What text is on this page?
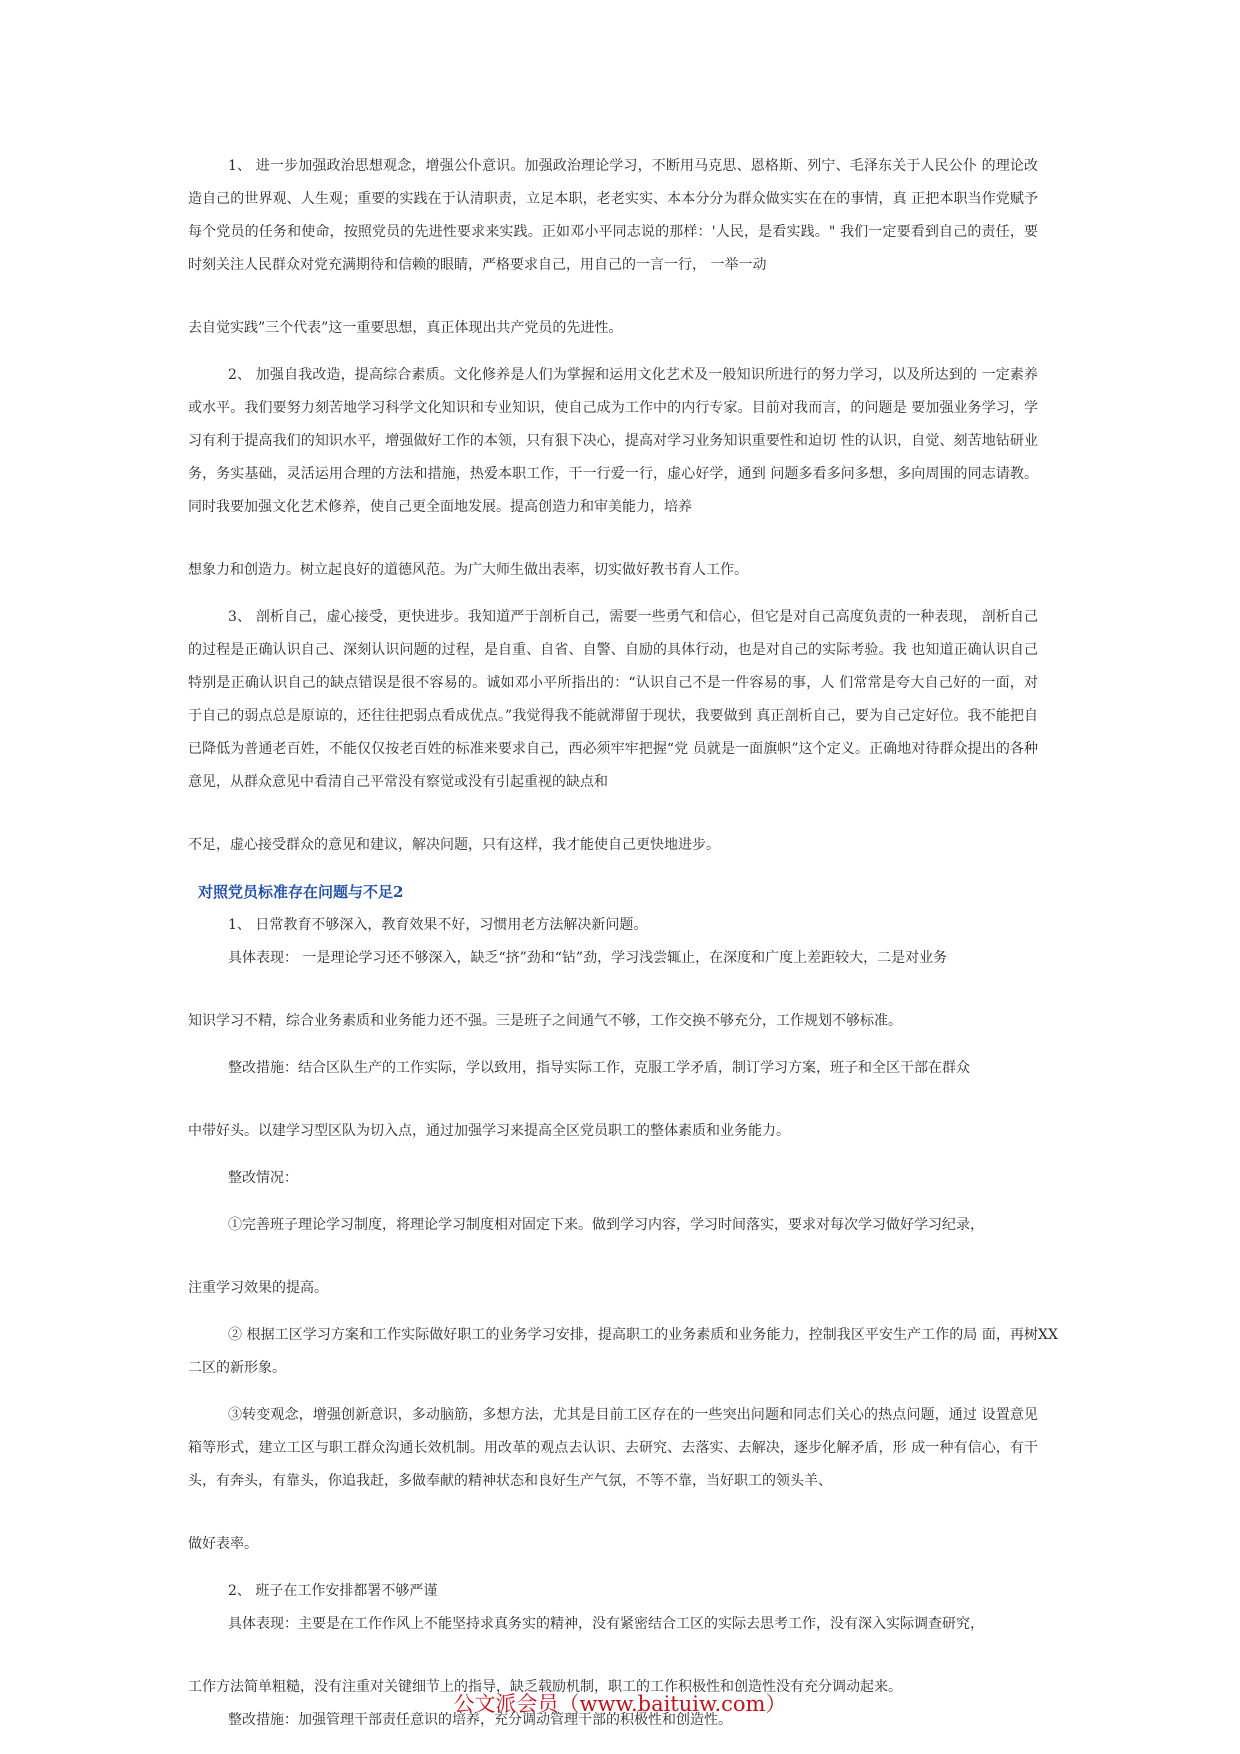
1、 进一步加强政治思想观念，增强公仆意识。加强政治理论学习，不断用马克思、恩格斯、列宁、毛泽东关于人民公仆 的理论改造自己的世界观、人生观；重要的实践在于认清职责，立足本职，老老实实、本本分分为群众做实实在在的事情，真 正把本职当作党赋予每个党员的任务和使命，按照党员的先进性要求来实践。正如邓小平同志说的那样：'人民，是看实践。" 我们一定要看到自己的责任，要时刻关注人民群众对党充满期待和信赖的眼睛，严格要求自己，用自己的一言一行， 一举一动

去自觉实践”三个代表”这一重要思想，真正体现出共产党员的先进性。

2、 加强自我改造，提高综合素质。文化修养是人们为掌握和运用文化艺术及一般知识所进行的努力学习，以及所达到的 一定素养或水平。我们要努力刻苦地学习科学文化知识和专业知识，使自己成为工作中的内行专家。目前对我而言，的问题是 要加强业务学习，学习有利于提高我们的知识水平，增强做好工作的本领，只有狠下决心，提高对学习业务知识重要性和迫切 性的认识，自觉、刻苦地钻研业务，务实基础，灵活运用合理的方法和措施，热爱本职工作，干一行爱一行，虚心好学，通到 问题多看多问多想，多向周围的同志请教。同时我要加强文化艺术修养，使自己更全面地发展。提高创造力和审美能力，培养

想象力和创造力。树立起良好的道德风范。为广大师生做出表率，切实做好教书育人工作。

3、 剖析自己，虚心接受，更快进步。我知道严于剖析自己，需要一些勇气和信心，但它是对自己高度负责的一种表现， 剖析自己的过程是正确认识自己、深刻认识问题的过程，是自重、自省、自警、自励的具体行动，也是对自己的实际考验。我 也知道正确认识自己特别是正确认识自己的缺点错误是很不容易的。诚如邓小平所指出的：“认识自己不是一件容易的事，人 们常常是夸大自己好的一面，对于自己的弱点总是原谅的，还往往把弱点看成优点。”我觉得我不能就滞留于现状，我要做到 真正剖析自己，要为自己定好位。我不能把自已降低为普通老百姓，不能仅仅按老百姓的标准来要求自己，西必须牢牢把握“党 员就是一面旗帜”这个定义。正确地对待群众提出的各种意见，从群众意见中看清自己平常没有察觉或没有引起重视的缺点和

不足，虚心接受群众的意见和建议，解决问题，只有这样，我才能使自己更快地进步。

对照党员标准存在问题与不足2

1、 日常教育不够深入，教育效果不好，习惯用老方法解决新问题。

具体表现： 一是理论学习还不够深入，缺乏“挤”劲和“钻”劲，学习浅尝辄止，在深度和广度上差距较大，二是对业务

知识学习不精，综合业务素质和业务能力还不强。三是班子之间通气不够，工作交换不够充分，工作规划不够标准。

整改措施：结合区队生产的工作实际，学以致用，指导实际工作，克服工学矛盾，制订学习方案，班子和全区干部在群众

中带好头。以建学习型区队为切入点，通过加强学习来提高全区党员职工的整体素质和业务能力。

整改情况：

①完善班子理论学习制度，将理论学习制度相对固定下来。做到学习内容，学习时间落实，要求对每次学习做好学习纪录，

注重学习效果的提高。

② 根据工区学习方案和工作实际做好职工的业务学习安排，提高职工的业务素质和业务能力，控制我区平安生产工作的局 面，再树XX 二区的新形象。

③转变观念，增强创新意识，多动脑筋，多想方法，尤其是目前工区存在的一些突出问题和同志们关心的热点问题，通过 设置意见箱等形式，建立工区与职工群众沟通长效机制。用改革的观点去认识、去研究、去落实、去解决，逐步化解矛盾，形 成一种有信心，有干头，有奔头，有靠头，你追我赶，多做奉献的精神状态和良好生产气氛，不等不靠，当好职工的领头羊、

做好表率。

2、 班子在工作安排都署不够严谨

具体表现：主要是在工作作风上不能坚持求真务实的精神，没有紧密结合工区的实际去思考工作，没有深入实际调查研究，

工作方法简单粗糙，没有注重对关键细节上的指导，缺乏载励机制，职工的工作积极性和创造性没有充分调动起来。

整改措施：加强管理干部责任意识的培养，充分调动管理干部的积极性和创造性。

公文派会员（www.baituiw.com）
